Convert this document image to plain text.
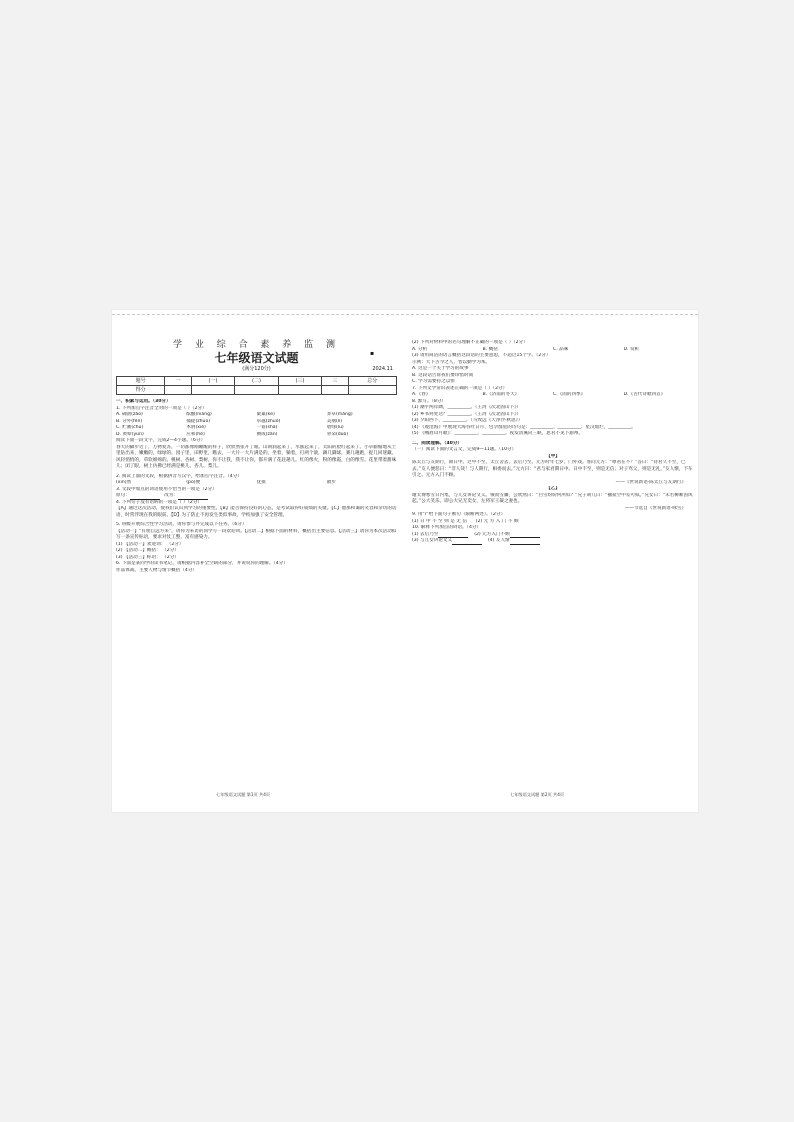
▪
学 业 综 合 素 养 监 测
七年级语文试题
(满分120分)	2024.11
题号	一	(一)	(二)	(三)	三	总分
得分						
一、积累与运用。（30分）
1. 下列加点字注音全对的一项是（ ）（2分）
A. 确凿(záo)	酝酿(niàng)	窠巢(kē)	莽草(mǎng)
B. 分外(fèn)	捕捉(zhuō)	卓越(zhuó)	美丽(lì)
C. 贮蓄(chǔ)	木屑(xiè)	一霎(shà)	碧绿(lǜ)
D. 黄晕(yùn)	应和(hè)	攒成(zǎn)	骨朵(duǒ)
阅读下面一段文字，完成2—4小题。（6分）
春天的脚步近了，万物复苏，一切都像刚睡醒的样子，欣欣然张开了眼。山朗润起来了，水涨起来了，太阳的脸红起来了。小草偷偷地从土里钻出来，嫩嫩的，绿绿的。园子里，田野里，瞧去，一大片一大片满是的。坐着，躺着，打两个滚，踢几脚球，赛几趟跑，捉几回迷藏。风轻悄悄的，草软绵绵的。桃树、杏树、梨树，你不让我，我不让你，都开满了花赶趟儿。红的像火，粉的像霞，白的像雪。花里带着甜味儿；闭了眼，树上仿佛已经满是桃儿、杏儿、梨儿。
2. 阅读上面的文段，根据拼音写汉字，给加点字注音。（4分）
(xīn)然	(pō)便	抚摸	散步
3. 文段中加点的词语使用不恰当的一项是（2分）
原句：	改为：
4. 下列句子没有语病的一项是（ ）（2分）
【A】通过这次活动，使我们认识到学习的重要性。【B】能否保持良好的心态，是考试取得好成绩的关键。【C】他那和蔼的笑容和亲切的话语，时常浮现在我的眼前。【D】为了防止不再发生类似事故，学校加强了安全管理。
5. 班级开展综合性学习活动，请你参与并完成以下任务。（6分）
【活动一】“有朋自远方来”，请你为来访的同学写一段欢迎词。【活动二】根据下面的材料，概括出主要信息。【活动三】请你为本次活动拟写一条宣传标语，要求对仗工整，富有感染力。
(1) 【活动一】欢迎词： （2分）
(2) 【活动二】概括： （2分）
(3) 【活动三】标语： （2分）
6. 下面是某同学的读书笔记，请根据内容补全空缺的部分，并说说你的理解。（4分）
作品体裁、主要人物与情节概括（4分）
(2) 下列对材料中的名句理解不正确的一项是（ ）（2分）
A. 分析	B. 概括	C. 品味	D. 赏析
(3) 请用简洁的语言概括这段话的主要意思，不超过15个字。（2分）
示例：天下古今之人，皆以勤学为本。
A. 这是一个关于学习的故事
B. 这段话告诉我们要珍惜时间
C. 学习需要持之以恒
7. 下列文学常识表述正确的一项是（ ）（2分）
A.《春》	B.《济南的冬天》	C.《雨的四季》	D.《古代诗歌四首》
8. 默写。（8分）
(1) 潮平两岸阔，__________。（王湾《次北固山下》）
(2) 乡书何处达？__________。（王湾《次北固山下》）
(3) 夕阳西下，__________。（马致远《天净沙·秋思》）
(4) 《观沧海》中展现大海吞吐日月、包孕群星的诗句是：__________，__________；星汉灿烂，__________。
(5) 《峨眉山月歌》：__________，__________。夜发清溪向三峡，思君不见下渝州。
二、阅读理解。（40分）
（一）阅读下面的文言文，完成9—11题。（10分）
【甲】
陈太丘与友期行，期日中。过中不至，太丘舍去，去后乃至。元方时年七岁，门外戏。客问元方：“尊君在不？”答曰：“待君久不至，已去。”友人便怒曰：“非人哉！与人期行，相委而去。”元方曰：“君与家君期日中。日中不至，则是无信；对子骂父，则是无礼。”友人惭，下车引之。元方入门不顾。
——《世说新语·陈太丘与友期行》
【乙】
谢太傅寒雪日内集，与儿女讲论文义。俄而雪骤，公欣然曰：“白雪纷纷何所似？”兄子胡儿曰：“撒盐空中差可拟。”兄女曰：“未若柳絮因风起。”公大笑乐。即公大兄无奕女，左将军王凝之妻也。
——节选自《世说新语·咏雪》
9. 用“/”给下面句子断句（限断两处）。（2分）
(1) 日 中 不 至 则 是 无 信 (2) 元 方 入 门 不 顾
10. 解释下列加点的词语。（4分）
(1) 去后乃至	(2) 元方入门不顾
(3) 与儿女讲论文义	(4) 友人惭
七年级语文试题 第1页 共4页	七年级语文试题 第2页 共4页
